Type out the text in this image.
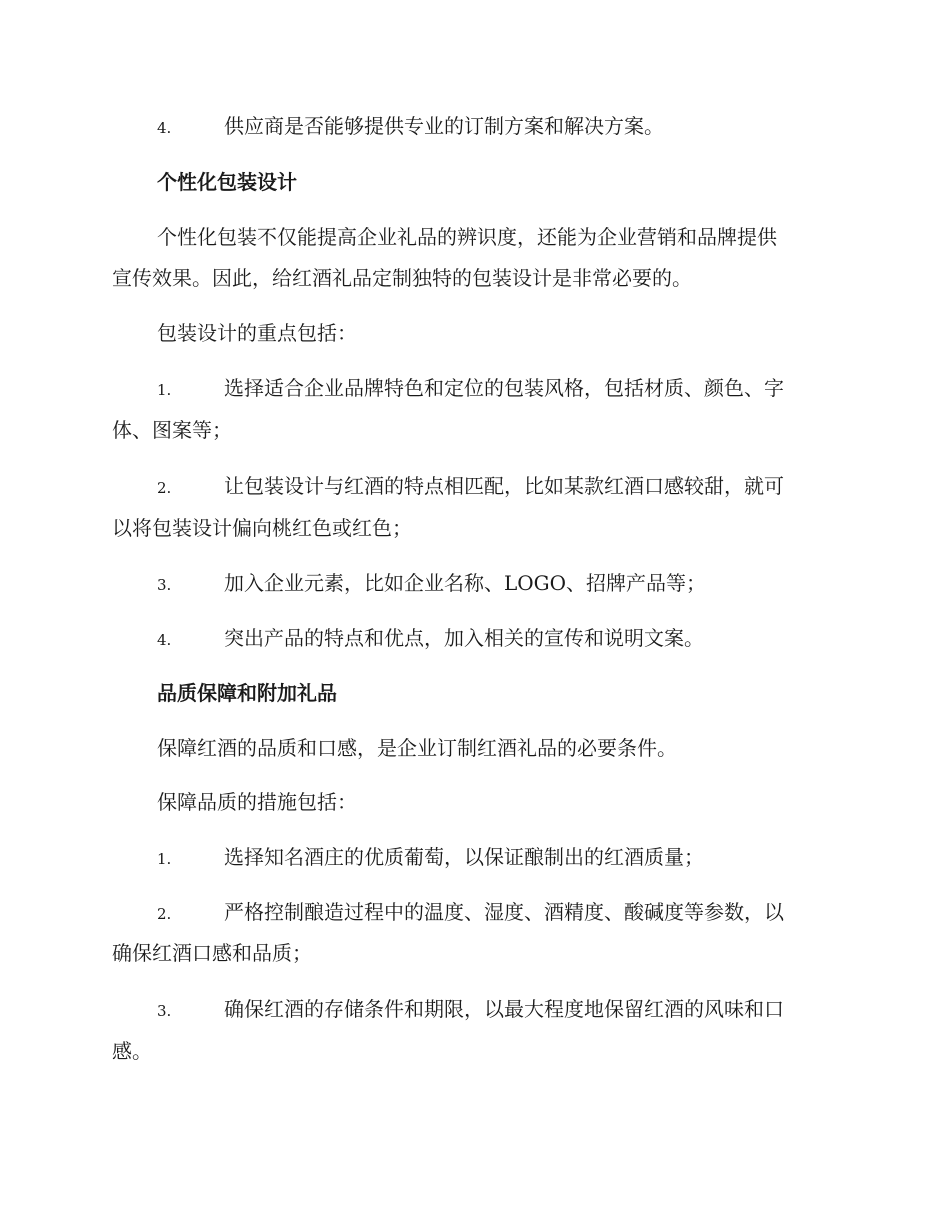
4.	供应商是否能够提供专业的订制方案和解决方案。
个性化包装设计
个性化包装不仅能提高企业礼品的辨识度，还能为企业营销和品牌提供
宣传效果。因此，给红酒礼品定制独特的包装设计是非常必要的。
包装设计的重点包括：
1.	选择适合企业品牌特色和定位的包装风格，包括材质、颜色、字
体、图案等；
2.	让包装设计与红酒的特点相匹配，比如某款红酒口感较甜，就可
以将包装设计偏向桃红色或红色；
3.	加入企业元素，比如企业名称、LOGO、招牌产品等；
4.	突出产品的特点和优点，加入相关的宣传和说明文案。
品质保障和附加礼品
保障红酒的品质和口感，是企业订制红酒礼品的必要条件。
保障品质的措施包括：
1.	选择知名酒庄的优质葡萄，以保证酿制出的红酒质量；
2.	严格控制酿造过程中的温度、湿度、酒精度、酸碱度等参数，以
确保红酒口感和品质；
3.	确保红酒的存储条件和期限，以最大程度地保留红酒的风味和口
感。
